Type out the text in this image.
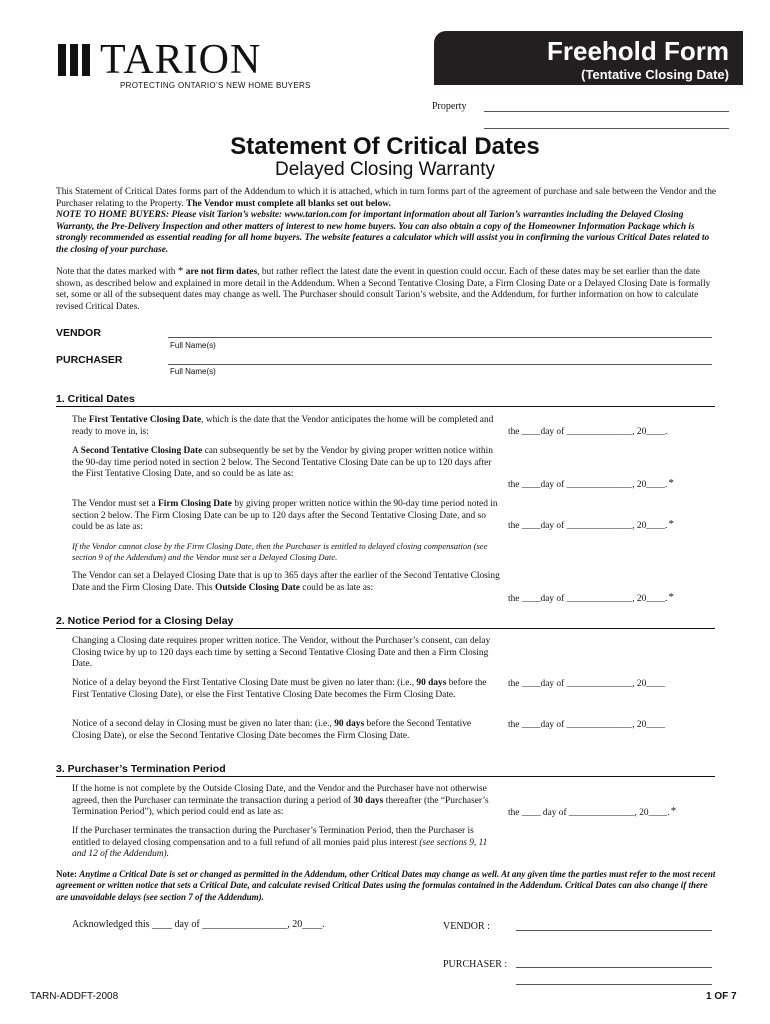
TARION
PROTECTING ONTARIO’S NEW HOME BUYERS
Freehold Form
(Tentative Closing Date)
Property
Statement Of Critical Dates
Delayed Closing Warranty
This Statement of Critical Dates forms part of the Addendum to which it is attached, which in turn forms part of the agreement of purchase and sale between the Vendor and the Purchaser relating to the Property. The Vendor must complete all blanks set out below.
NOTE TO HOME BUYERS: Please visit Tarion’s website: www.tarion.com for important information about all Tarion’s warranties including the Delayed Closing Warranty, the Pre-Delivery Inspection and other matters of interest to new home buyers. You can also obtain a copy of the Homeowner Information Package which is strongly recommended as essential reading for all home buyers. The website features a calculator which will assist you in confirming the various Critical Dates related to the closing of your purchase.
Note that the dates marked with * are not firm dates, but rather reflect the latest date the event in question could occur. Each of these dates may be set earlier than the date shown, as described below and explained in more detail in the Addendum. When a Second Tentative Closing Date, a Firm Closing Date or a Delayed Closing Date is formally set, some or all of the subsequent dates may change as well. The Purchaser should consult Tarion’s website, and the Addendum, for further information on how to calculate revised Critical Dates.
VENDOR
Full Name(s)
PURCHASER
Full Name(s)
1. Critical Dates
The First Tentative Closing Date, which is the date that the Vendor anticipates the home will be completed and ready to move in, is:	the ____day of ______________, 20____.
A Second Tentative Closing Date can subsequently be set by the Vendor by giving proper written notice within the 90-day time period noted in section 2 below. The Second Tentative Closing Date can be up to 120 days after the First Tentative Closing Date, and so could be as late as:
the ____day of ______________, 20____.*
The Vendor must set a Firm Closing Date by giving proper written notice within the 90-day time period noted in section 2 below. The Firm Closing Date can be up to 120 days after the Second Tentative Closing Date, and so could be as late as:	the ____day of ______________, 20____.*
If the Vendor cannot close by the Firm Closing Date, then the Purchaser is entitled to delayed closing compensation (see section 9 of the Addendum) and the Vendor must set a Delayed Closing Date.
The Vendor can set a Delayed Closing Date that is up to 365 days after the earlier of the Second Tentative Closing Date and the Firm Closing Date. This Outside Closing Date could be as late as:
the ____day of ______________, 20____.*
2. Notice Period for a Closing Delay
Changing a Closing date requires proper written notice. The Vendor, without the Purchaser’s consent, can delay Closing twice by up to 120 days each time by setting a Second Tentative Closing Date and then a Firm Closing Date.
Notice of a delay beyond the First Tentative Closing Date must be given no later than: (i.e., 90 days before the First Tentative Closing Date), or else the First Tentative Closing Date becomes the Firm Closing Date.
the ____day of ______________, 20____
Notice of a second delay in Closing must be given no later than: (i.e., 90 days before the Second Tentative Closing Date), or else the Second Tentative Closing Date becomes the Firm Closing Date.
the ____day of ______________, 20____
3. Purchaser’s Termination Period
If the home is not complete by the Outside Closing Date, and the Vendor and the Purchaser have not otherwise agreed, then the Purchaser can terminate the transaction during a period of 30 days thereafter (the “Purchaser’s Termination Period”), which period could end as late as:	the ____ day of ______________, 20____.*
If the Purchaser terminates the transaction during the Purchaser’s Termination Period, then the Purchaser is entitled to delayed closing compensation and to a full refund of all monies paid plus interest (see sections 9, 11 and 12 of the Addendum).
Note: Anytime a Critical Date is set or changed as permitted in the Addendum, other Critical Dates may change as well. At any given time the parties must refer to the most recent agreement or written notice that sets a Critical Date, and calculate revised Critical Dates using the formulas contained in the Addendum. Critical Dates can also change if there are unavoidable delays (see section 7 of the Addendum).
Acknowledged this ____ day of _________________, 20____.	VENDOR :
PURCHASER :
TARN-ADDFT-2008	1 OF 7
